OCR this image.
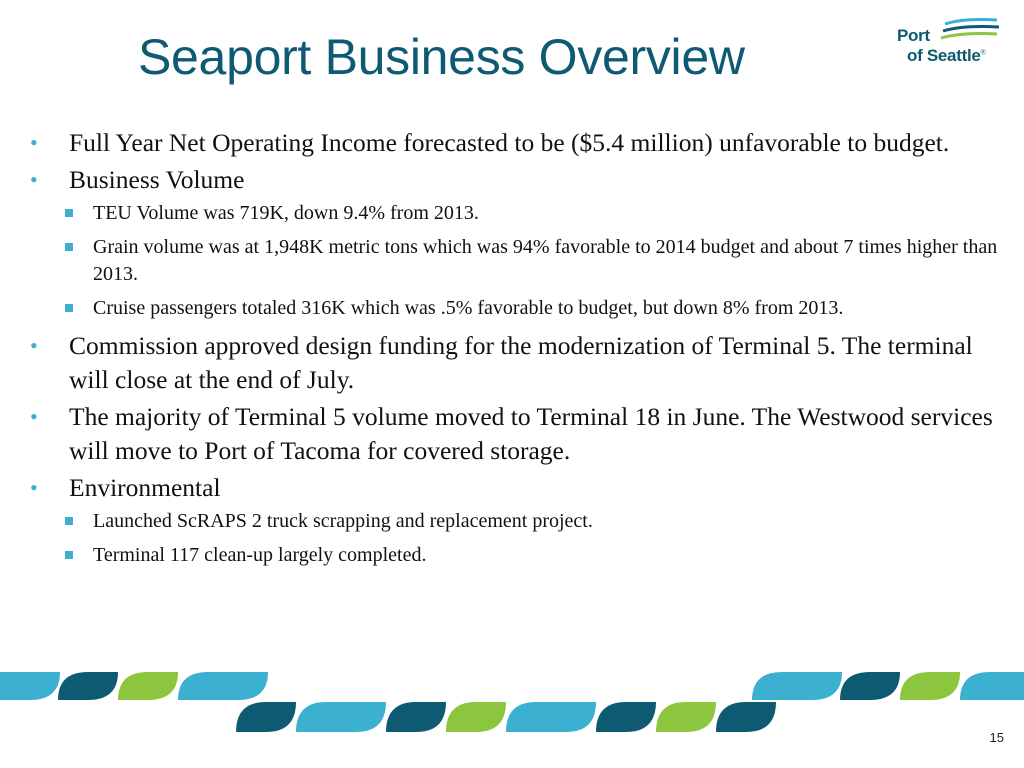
Seaport Business Overview	Port
of Seattle®
• Full Year Net Operating Income forecasted to be ($5.4 million) unfavorable to budget.
• Business Volume
TEU Volume was 719K, down 9.4% from 2013.
Grain volume was at 1,948K metric tons which was 94% favorable to 2014 budget and about 7 times higher than 2013.
Cruise passengers totaled 316K which was .5% favorable to budget, but down 8% from 2013.
• Commission approved design funding for the modernization of Terminal 5. The terminal will close at the end of July.
• The majority of Terminal 5 volume moved to Terminal 18 in June. The Westwood services will move to Port of Tacoma for covered storage.
• Environmental
Launched ScRAPS 2 truck scrapping and replacement project.
Terminal 117 clean-up largely completed.
15
